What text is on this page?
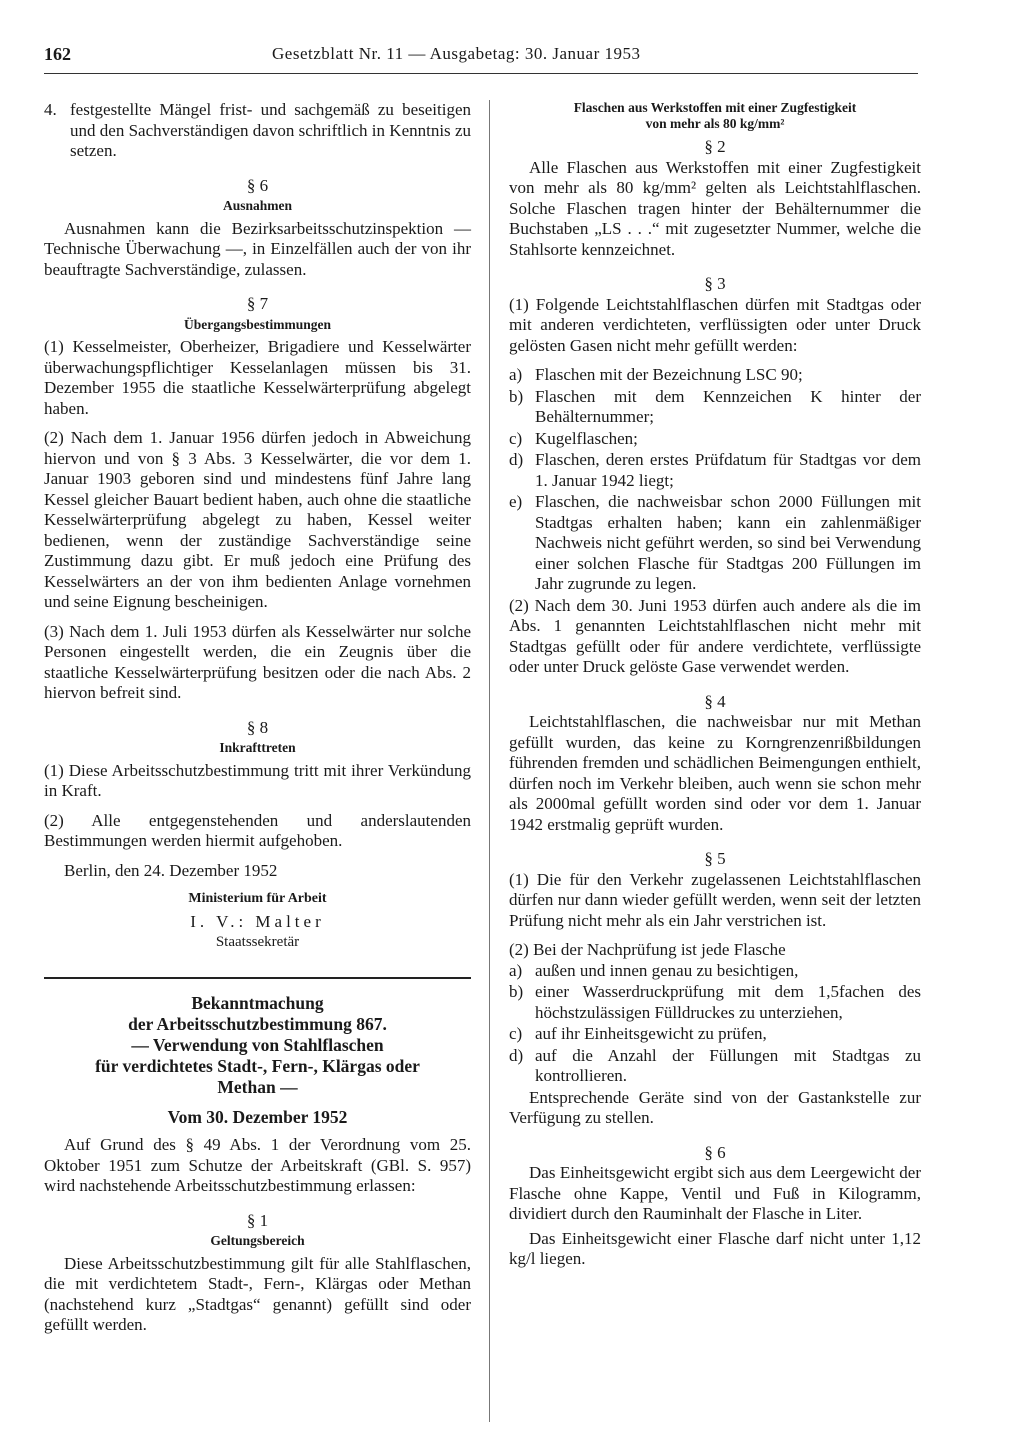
162	Gesetzblatt Nr. 11 — Ausgabetag: 30. Januar 1953
4. festgestellte Mängel frist- und sachgemäß zu beseitigen und den Sachverständigen davon schriftlich in Kenntnis zu setzen.
§ 6
Ausnahmen

Ausnahmen kann die Bezirksarbeitsschutzinspektion — Technische Überwachung —, in Einzelfällen auch der von ihr beauftragte Sachverständige, zulassen.

§ 7
Übergangsbestimmungen

(1) Kesselmeister, Oberheizer, Brigadiere und Kesselwärter überwachungspflichtiger Kesselanlagen müssen bis 31. Dezember 1955 die staatliche Kesselwärterprüfung abgelegt haben.

(2) Nach dem 1. Januar 1956 dürfen jedoch in Abweichung hiervon und von § 3 Abs. 3 Kesselwärter, die vor dem 1. Januar 1903 geboren sind und mindestens fünf Jahre lang Kessel gleicher Bauart bedient haben, auch ohne die staatliche Kesselwärterprüfung abgelegt zu haben, Kessel weiter bedienen, wenn der zuständige Sachverständige seine Zustimmung dazu gibt. Er muß jedoch eine Prüfung des Kesselwärters an der von ihm bedienten Anlage vornehmen und seine Eignung bescheinigen.

(3) Nach dem 1. Juli 1953 dürfen als Kesselwärter nur solche Personen eingestellt werden, die ein Zeugnis über die staatliche Kesselwärterprüfung besitzen oder die nach Abs. 2 hiervon befreit sind.

§ 8
Inkrafttreten

(1) Diese Arbeitsschutzbestimmung tritt mit ihrer Verkündung in Kraft.

(2) Alle entgegenstehenden und anderslautenden Bestimmungen werden hiermit aufgehoben.

Berlin, den 24. Dezember 1952

Ministerium für Arbeit
I. V.: Malter
Staatssekretär
Bekanntmachung
der Arbeitsschutzbestimmung 867.
— Verwendung von Stahlflaschen
für verdichtetes Stadt-, Fern-, Klärgas oder
Methan —
Vom 30. Dezember 1952

Auf Grund des § 49 Abs. 1 der Verordnung vom 25. Oktober 1951 zum Schutze der Arbeitskraft (GBl. S. 957) wird nachstehende Arbeitsschutzbestimmung erlassen:

§ 1
Geltungsbereich

Diese Arbeitsschutzbestimmung gilt für alle Stahlflaschen, die mit verdichtetem Stadt-, Fern-, Klärgas oder Methan (nachstehend kurz „Stadtgas“ genannt) gefüllt sind oder gefüllt werden.

Flaschen aus Werkstoffen mit einer Zugfestigkeit
von mehr als 80 kg/mm²
§ 2

Alle Flaschen aus Werkstoffen mit einer Zugfestigkeit von mehr als 80 kg/mm² gelten als Leichtstahlflaschen. Solche Flaschen tragen hinter der Behälternummer die Buchstaben „LS . . .“ mit zugesetzter Nummer, welche die Stahlsorte kennzeichnet.

§ 3

(1) Folgende Leichtstahlflaschen dürfen mit Stadtgas oder mit anderen verdichteten, verflüssigten oder unter Druck gelösten Gasen nicht mehr gefüllt werden:

a) Flaschen mit der Bezeichnung LSC 90;
b) Flaschen mit dem Kennzeichen K hinter der Behälternummer;
c) Kugelflaschen;
d) Flaschen, deren erstes Prüfdatum für Stadtgas vor dem 1. Januar 1942 liegt;
e) Flaschen, die nachweisbar schon 2000 Füllungen mit Stadtgas erhalten haben; kann ein zahlenmäßiger Nachweis nicht geführt werden, so sind bei Verwendung einer solchen Flasche für Stadtgas 200 Füllungen im Jahr zugrunde zu legen.

(2) Nach dem 30. Juni 1953 dürfen auch andere als die im Abs. 1 genannten Leichtstahlflaschen nicht mehr mit Stadtgas gefüllt oder für andere verdichtete, verflüssigte oder unter Druck gelöste Gase verwendet werden.

§ 4

Leichtstahlflaschen, die nachweisbar nur mit Methan gefüllt wurden, das keine zu Korngrenzenrißbildungen führenden fremden und schädlichen Beimengungen enthielt, dürfen noch im Verkehr bleiben, auch wenn sie schon mehr als 2000mal gefüllt worden sind oder vor dem 1. Januar 1942 erstmalig geprüft wurden.

§ 5

(1) Die für den Verkehr zugelassenen Leichtstahlflaschen dürfen nur dann wieder gefüllt werden, wenn seit der letzten Prüfung nicht mehr als ein Jahr verstrichen ist.

(2) Bei der Nachprüfung ist jede Flasche

a) außen und innen genau zu besichtigen,
b) einer Wasserdruckprüfung mit dem 1,5fachen des höchstzulässigen Fülldruckes zu unterziehen,
c) auf ihr Einheitsgewicht zu prüfen,
d) auf die Anzahl der Füllungen mit Stadtgas zu kontrollieren.

Entsprechende Geräte sind von der Gastankstelle zur Verfügung zu stellen.

§ 6

Das Einheitsgewicht ergibt sich aus dem Leergewicht der Flasche ohne Kappe, Ventil und Fuß in Kilogramm, dividiert durch den Rauminhalt der Flasche in Liter.

Das Einheitsgewicht einer Flasche darf nicht unter 1,12 kg/l liegen.
